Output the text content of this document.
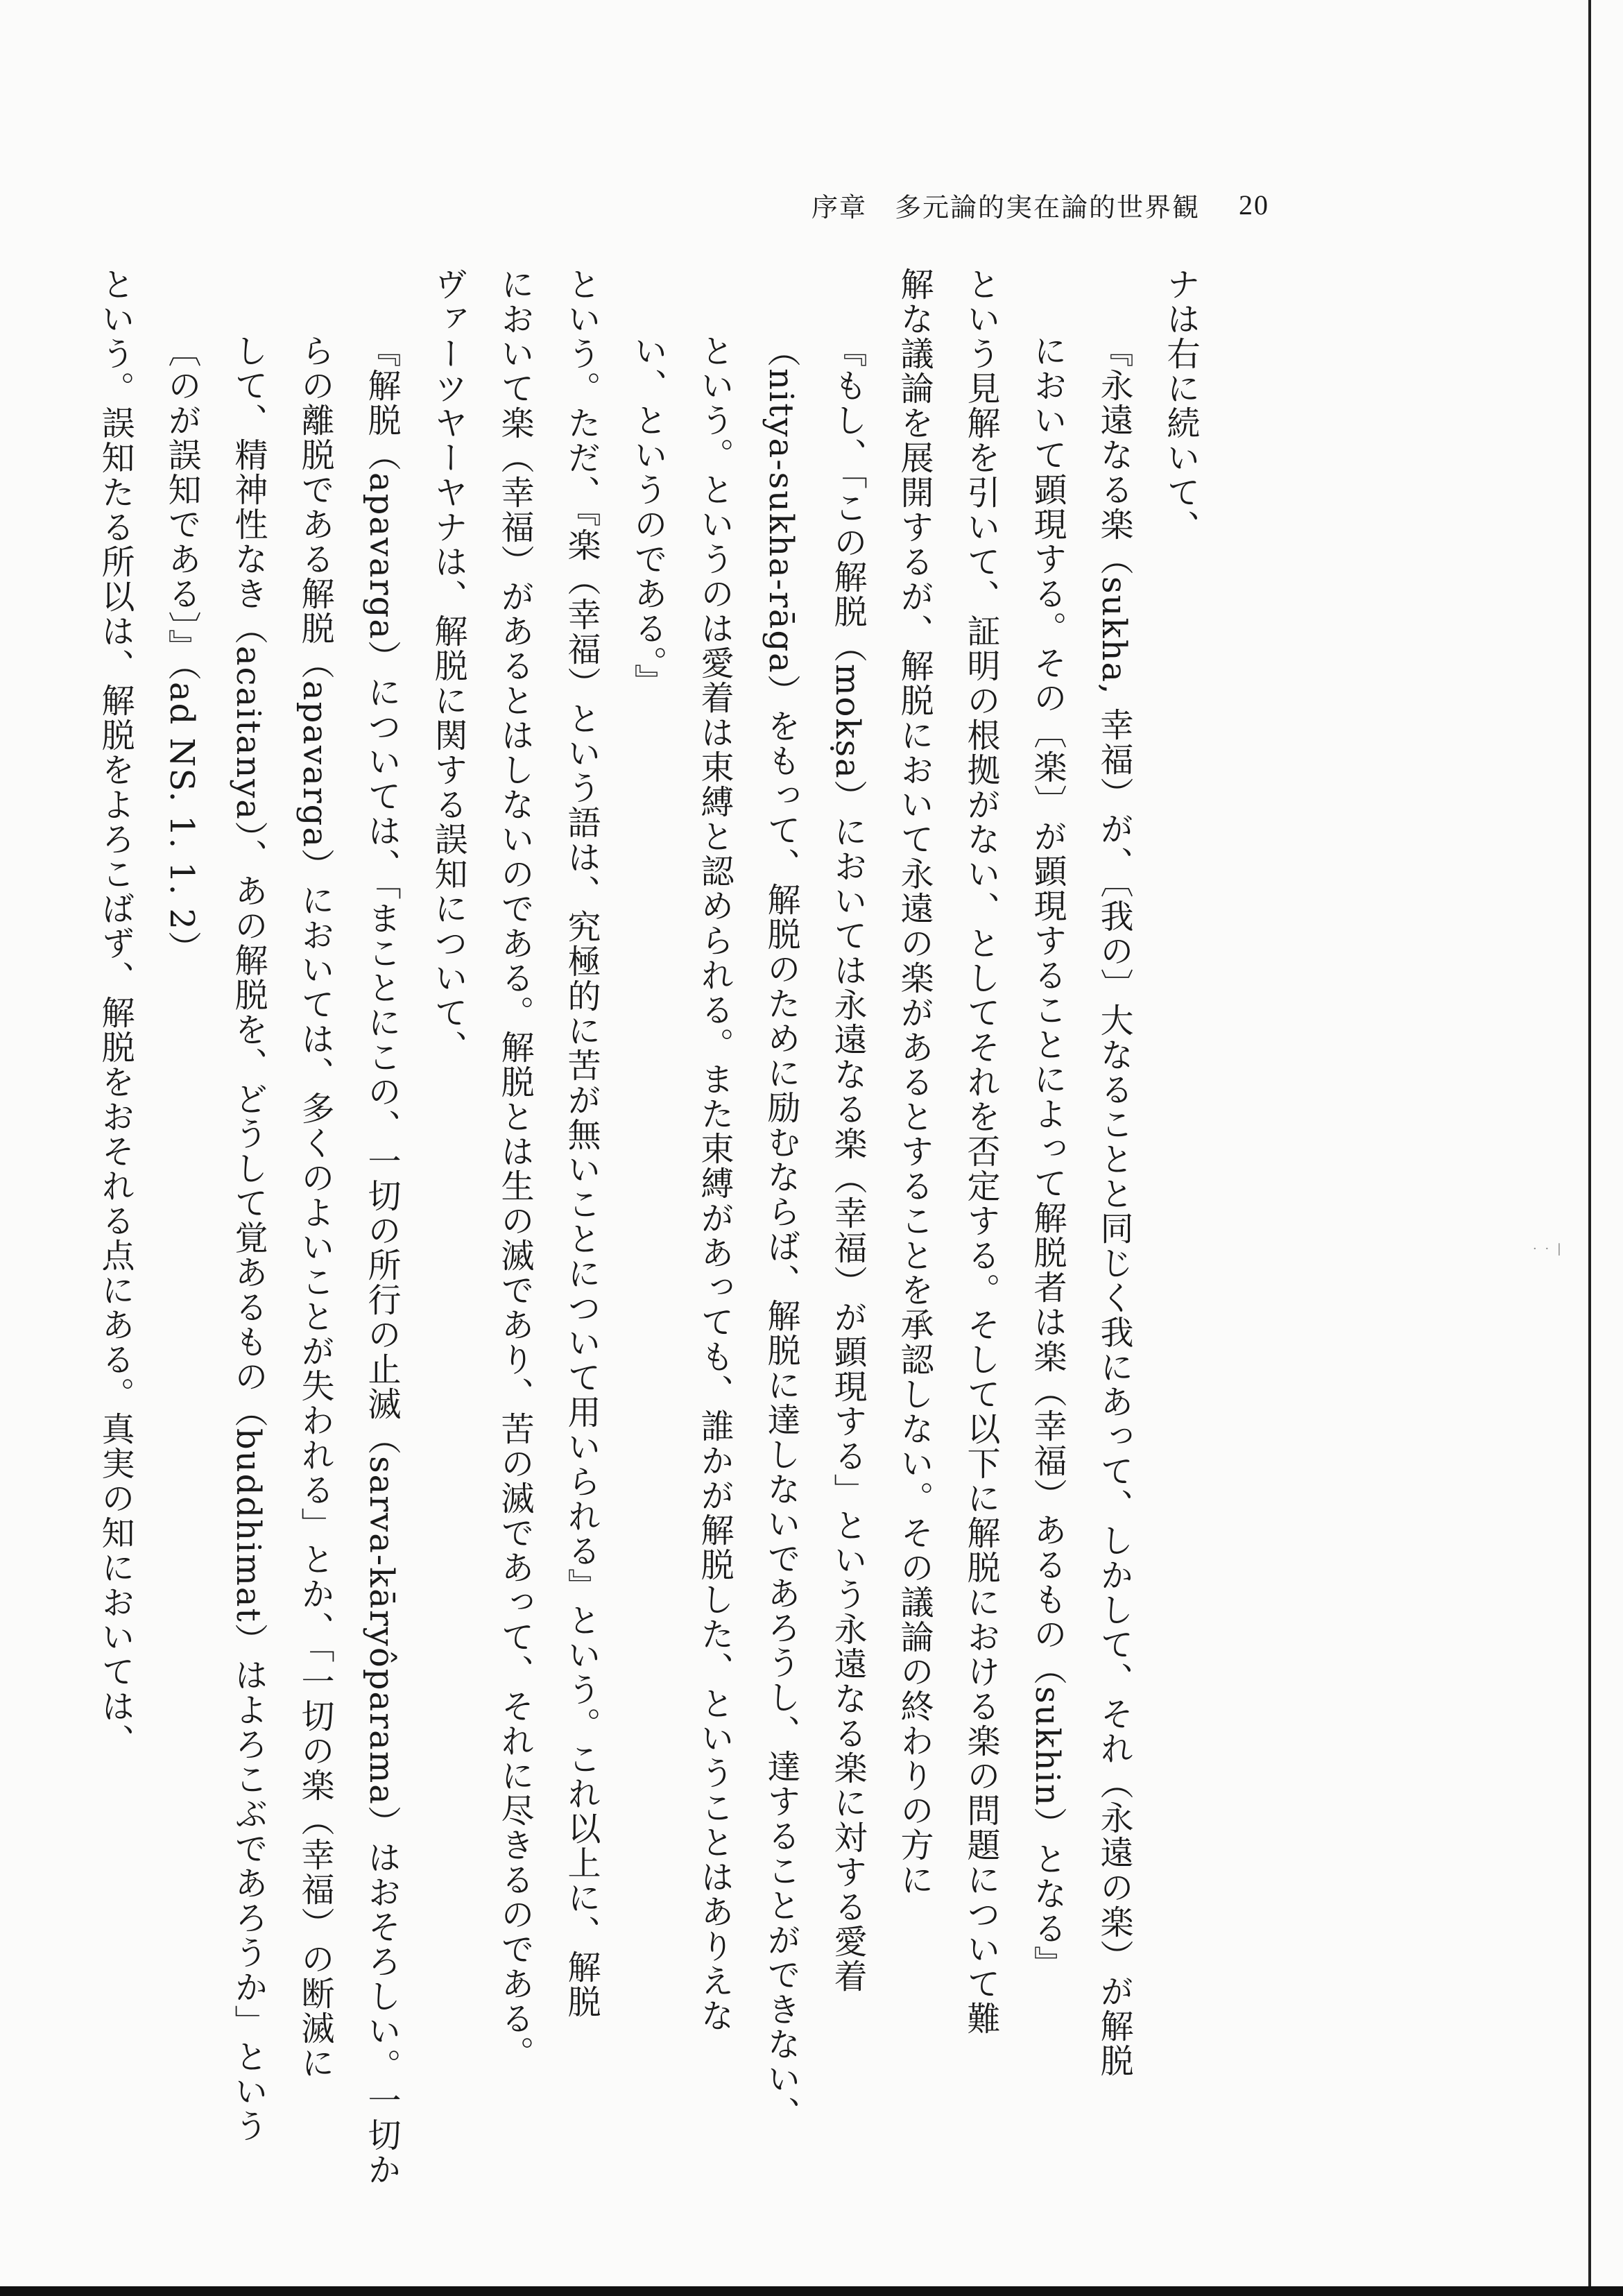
序章　多元論的実在論的世界観 20
· · |
ナは右に続いて、
『永遠なる楽（sukha, 幸福）が、〔我の〕大なることと同じく我にあって、しかして、それ（永遠の楽）が解脱
において顕現する。その〔楽〕が顕現することによって解脱者は楽（幸福）あるもの（sukhin）となる』
という見解を引いて、証明の根拠がない、としてそれを否定する。そして以下に解脱における楽の問題について難
解な議論を展開するが、解脱において永遠の楽があるとすることを承認しない。その議論の終わりの方に
『もし、「この解脱（mokṣa）においては永遠なる楽（幸福）が顕現する」という永遠なる楽に対する愛着
（nitya-sukha-rāga）をもって、解脱のために励むならば、解脱に達しないであろうし、達することができない、
という。というのは愛着は束縛と認められる。また束縛があっても、誰かが解脱した、ということはありえな
い、というのである。』
という。ただ、『楽（幸福）という語は、究極的に苦が無いことについて用いられる』という。これ以上に、解脱
において楽（幸福）があるとはしないのである。解脱とは生の滅であり、苦の滅であって、それに尽きるのである。
ヴァーツヤーヤナは、解脱に関する誤知について、
『解脱（apavarga）については、「まことにこの、一切の所行の止滅（sarva-kāryôparama）はおそろしい。一切か
らの離脱である解脱（apavarga）においては、多くのよいことが失われる」とか、「一切の楽（幸福）の断滅に
して、精神性なき（acaitanya）、あの解脱を、どうして覚あるもの（buddhimat）はよろこぶであろうか」という
〔のが誤知である〕』（ad NS. 1. 1. 2）
という。誤知たる所以は、解脱をよろこばず、解脱をおそれる点にある。真実の知においては、
